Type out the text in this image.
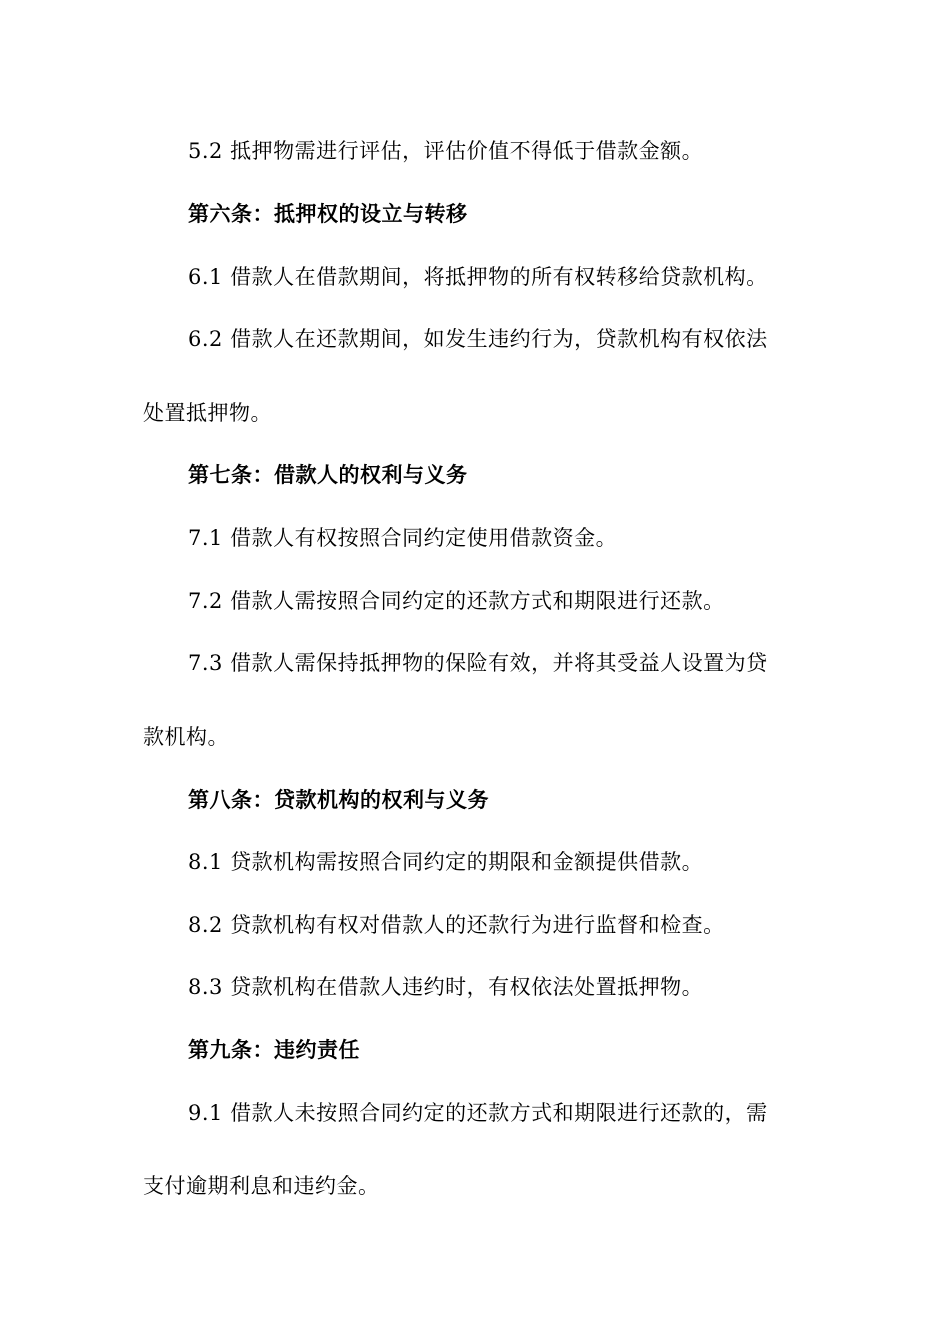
5.2 抵押物需进行评估，评估价值不得低于借款金额。
第六条：抵押权的设立与转移
6.1 借款人在借款期间，将抵押物的所有权转移给贷款机构。
6.2 借款人在还款期间，如发生违约行为，贷款机构有权依法
处置抵押物。
第七条：借款人的权利与义务
7.1 借款人有权按照合同约定使用借款资金。
7.2 借款人需按照合同约定的还款方式和期限进行还款。
7.3 借款人需保持抵押物的保险有效，并将其受益人设置为贷
款机构。
第八条：贷款机构的权利与义务
8.1 贷款机构需按照合同约定的期限和金额提供借款。
8.2 贷款机构有权对借款人的还款行为进行监督和检查。
8.3 贷款机构在借款人违约时，有权依法处置抵押物。
第九条：违约责任
9.1 借款人未按照合同约定的还款方式和期限进行还款的，需
支付逾期利息和违约金。
